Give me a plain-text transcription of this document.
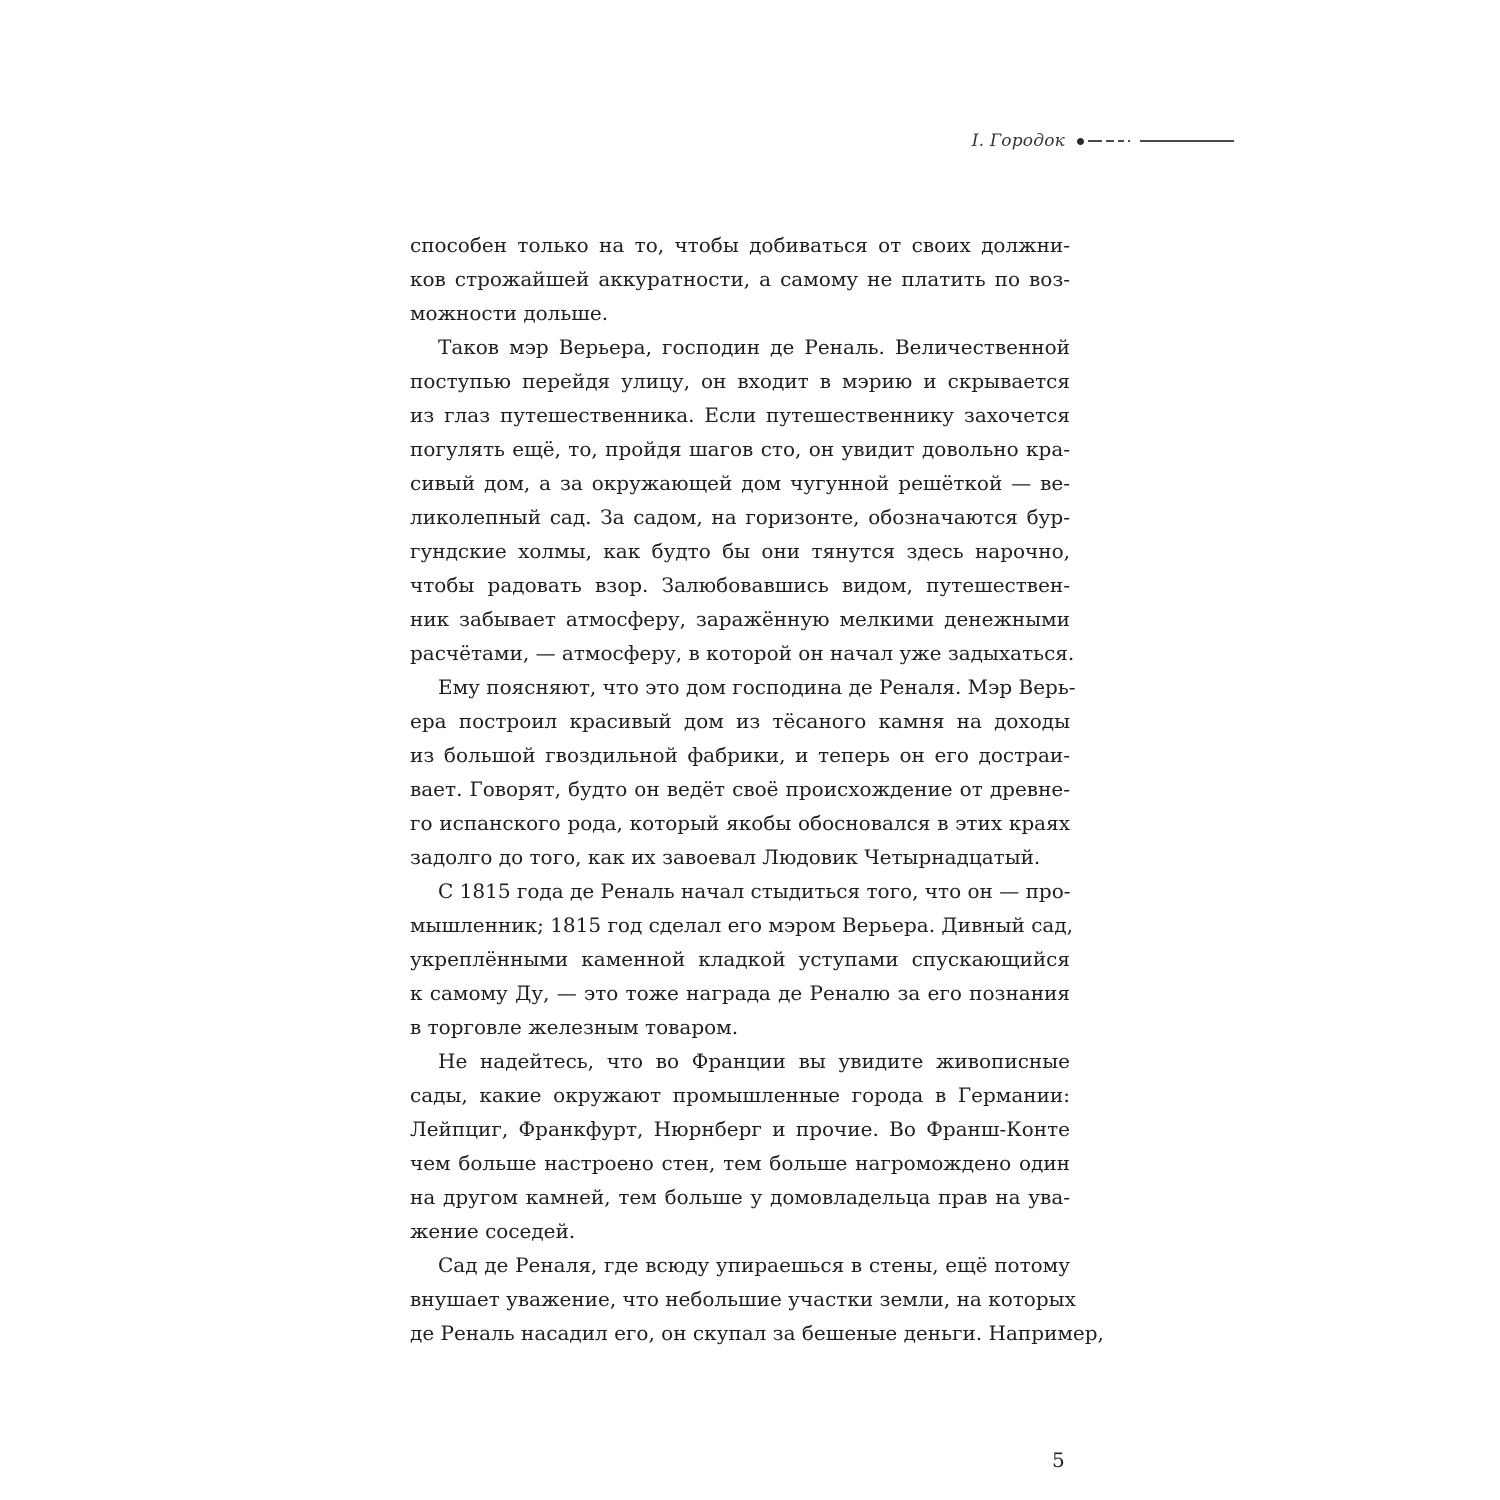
I. Городок
способен только на то, чтобы добиваться от своих должни-
ков строжайшей аккуратности, а самому не платить по воз-
можности дольше.
Таков мэр Верьера, господин де Реналь. Величественной
поступью перейдя улицу, он входит в мэрию и скрывается
из глаз путешественника. Если путешественнику захочется
погулять ещё, то, пройдя шагов сто, он увидит довольно кра-
сивый дом, а за окружающей дом чугунной решёткой — ве-
ликолепный сад. За садом, на горизонте, обозначаются бур-
гундские холмы, как будто бы они тянутся здесь нарочно,
чтобы радовать взор. Залюбовавшись видом, путешествен-
ник забывает атмосферу, заражённую мелкими денежными
расчётами, — атмосферу, в которой он начал уже задыхаться.
Ему поясняют, что это дом господина де Реналя. Мэр Верь-
ера построил красивый дом из тёсаного камня на доходы
из большой гвоздильной фабрики, и теперь он его достраи-
вает. Говорят, будто он ведёт своё происхождение от древне-
го испанского рода, который якобы обосновался в этих краях
задолго до того, как их завоевал Людовик Четырнадцатый.
С 1815 года де Реналь начал стыдиться того, что он — про-
мышленник; 1815 год сделал его мэром Верьера. Дивный сад,
укреплёнными каменной кладкой уступами спускающийся
к самому Ду, — это тоже награда де Реналю за его познания
в торговле железным товаром.
Не надейтесь, что во Франции вы увидите живописные
сады, какие окружают промышленные города в Германии:
Лейпциг, Франкфурт, Нюрнберг и прочие. Во Франш-Конте
чем больше настроено стен, тем больше нагромождено один
на другом камней, тем больше у домовладельца прав на ува-
жение соседей.
Сад де Реналя, где всюду упираешься в стены, ещё потому
внушает уважение, что небольшие участки земли, на которых
де Реналь насадил его, он скупал за бешеные деньги. Например,
5
